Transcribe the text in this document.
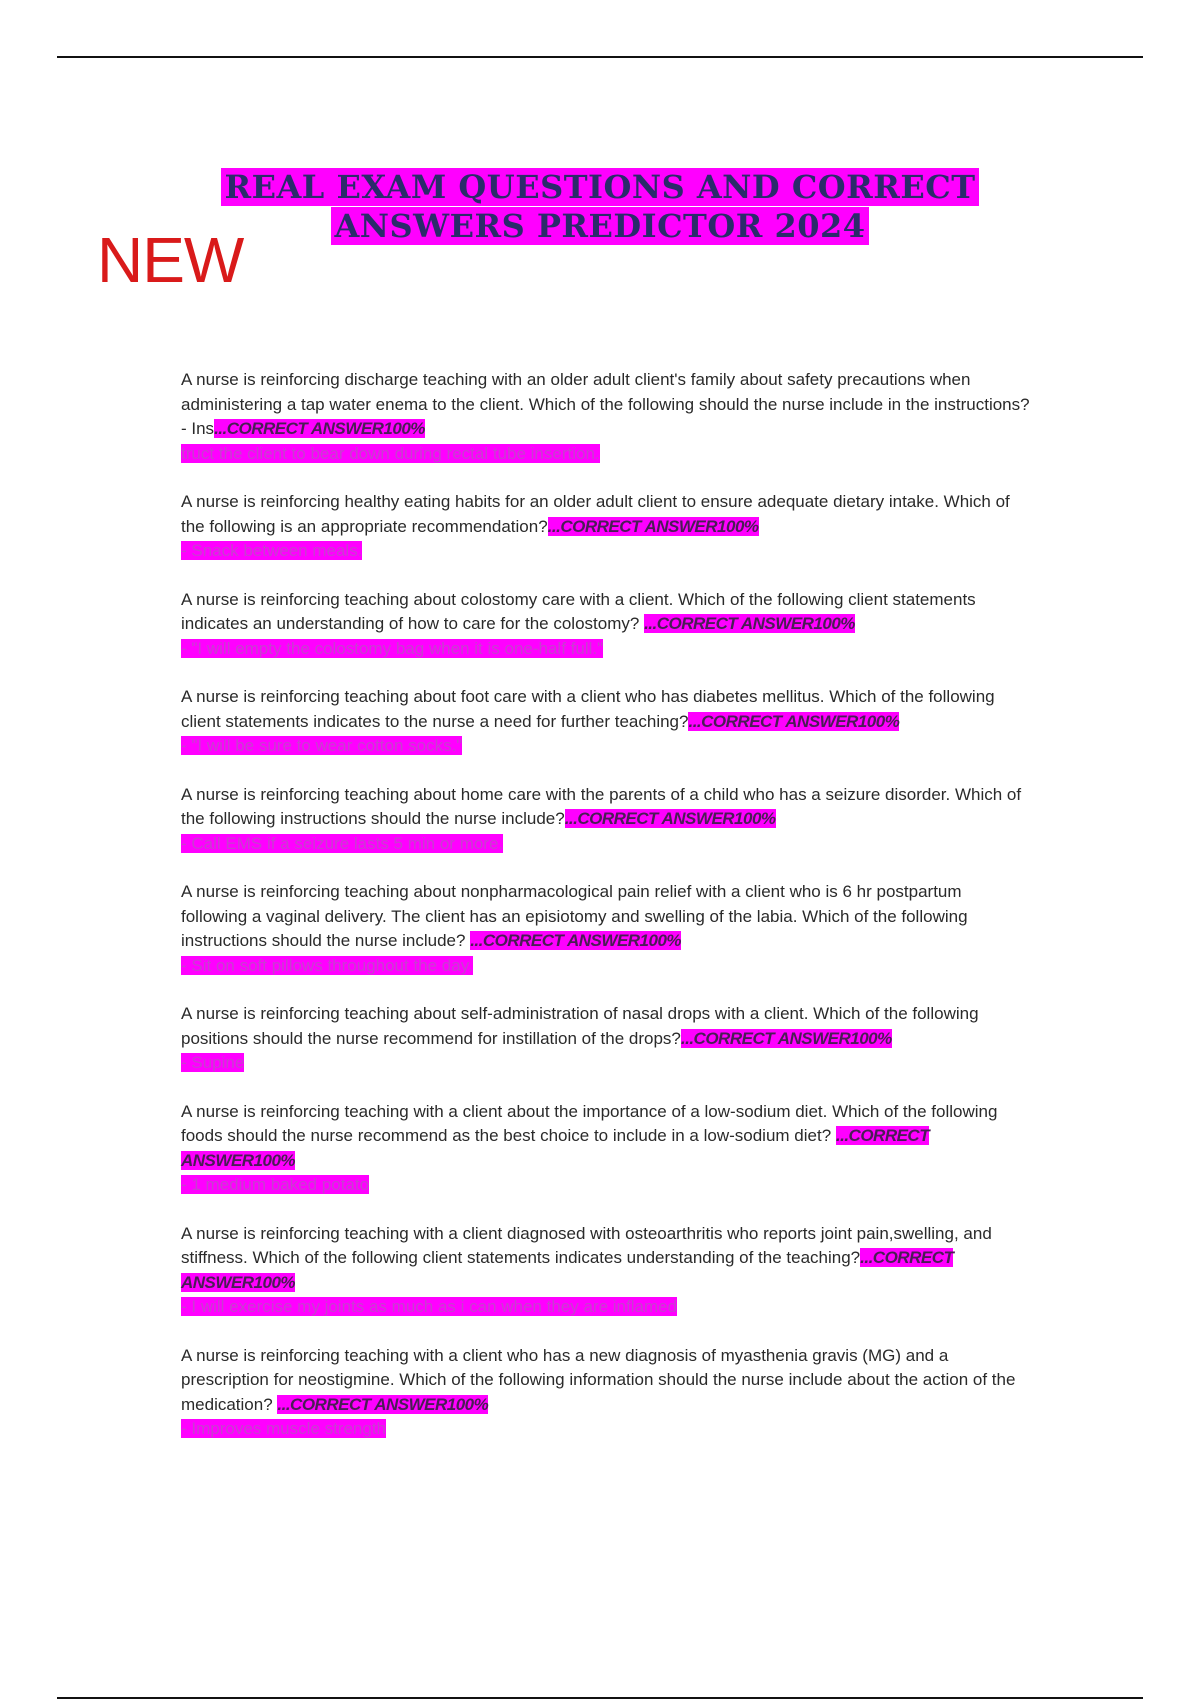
REAL EXAM QUESTIONS AND CORRECT
ANSWERS PREDICTOR 2024
NEW
A nurse is reinforcing discharge teaching with an older adult client's family about safety precautions when administering a tap water enema to the client. Which of the following should the nurse include in the instructions? - Ins...CORRECT ANSWER100%
truct the client to bear down during rectal tube insertion.
A nurse is reinforcing healthy eating habits for an older adult client to ensure adequate dietary intake. Which of the following is an appropriate recommendation?...CORRECT ANSWER100%
- Snack between meals.
A nurse is reinforcing teaching about colostomy care with a client. Which of the following client statements indicates an understanding of how to care for the colostomy? ...CORRECT ANSWER100%
- "I will empty the colostomy bag when it is one-half full."
A nurse is reinforcing teaching about foot care with a client who has diabetes mellitus. Which of the following client statements indicates to the nurse a need for further teaching?...CORRECT ANSWER100%
- "I will be sure to wear cotton socks."
A nurse is reinforcing teaching about home care with the parents of a child who has a seizure disorder. Which of the following instructions should the nurse include?...CORRECT ANSWER100%
- Call EMS if a seizure lasts 5 min or more.
A nurse is reinforcing teaching about nonpharmacological pain relief with a client who is 6 hr postpartum following a vaginal delivery. The client has an episiotomy and swelling of the labia. Which of the following instructions should the nurse include? ...CORRECT ANSWER100%
- Sit on soft pillows throughout the day.
A nurse is reinforcing teaching about self-administration of nasal drops with a client. Which of the following positions should the nurse recommend for instillation of the drops?...CORRECT ANSWER100%
- Supine
A nurse is reinforcing teaching with a client about the importance of a low-sodium diet. Which of the following foods should the nurse recommend as the best choice to include in a low-sodium diet? ...CORRECT ANSWER100%
- 1 medium baked potato
A nurse is reinforcing teaching with a client diagnosed with osteoarthritis who reports joint pain,swelling, and stiffness. Which of the following client statements indicates understanding of the teaching?...CORRECT ANSWER100%
- I will exercise my joints as much as i can when they are inflamed
A nurse is reinforcing teaching with a client who has a new diagnosis of myasthenia gravis (MG) and a prescription for neostigmine. Which of the following information should the nurse include about the action of the medication? ...CORRECT ANSWER100%
- Improves muscle strength
